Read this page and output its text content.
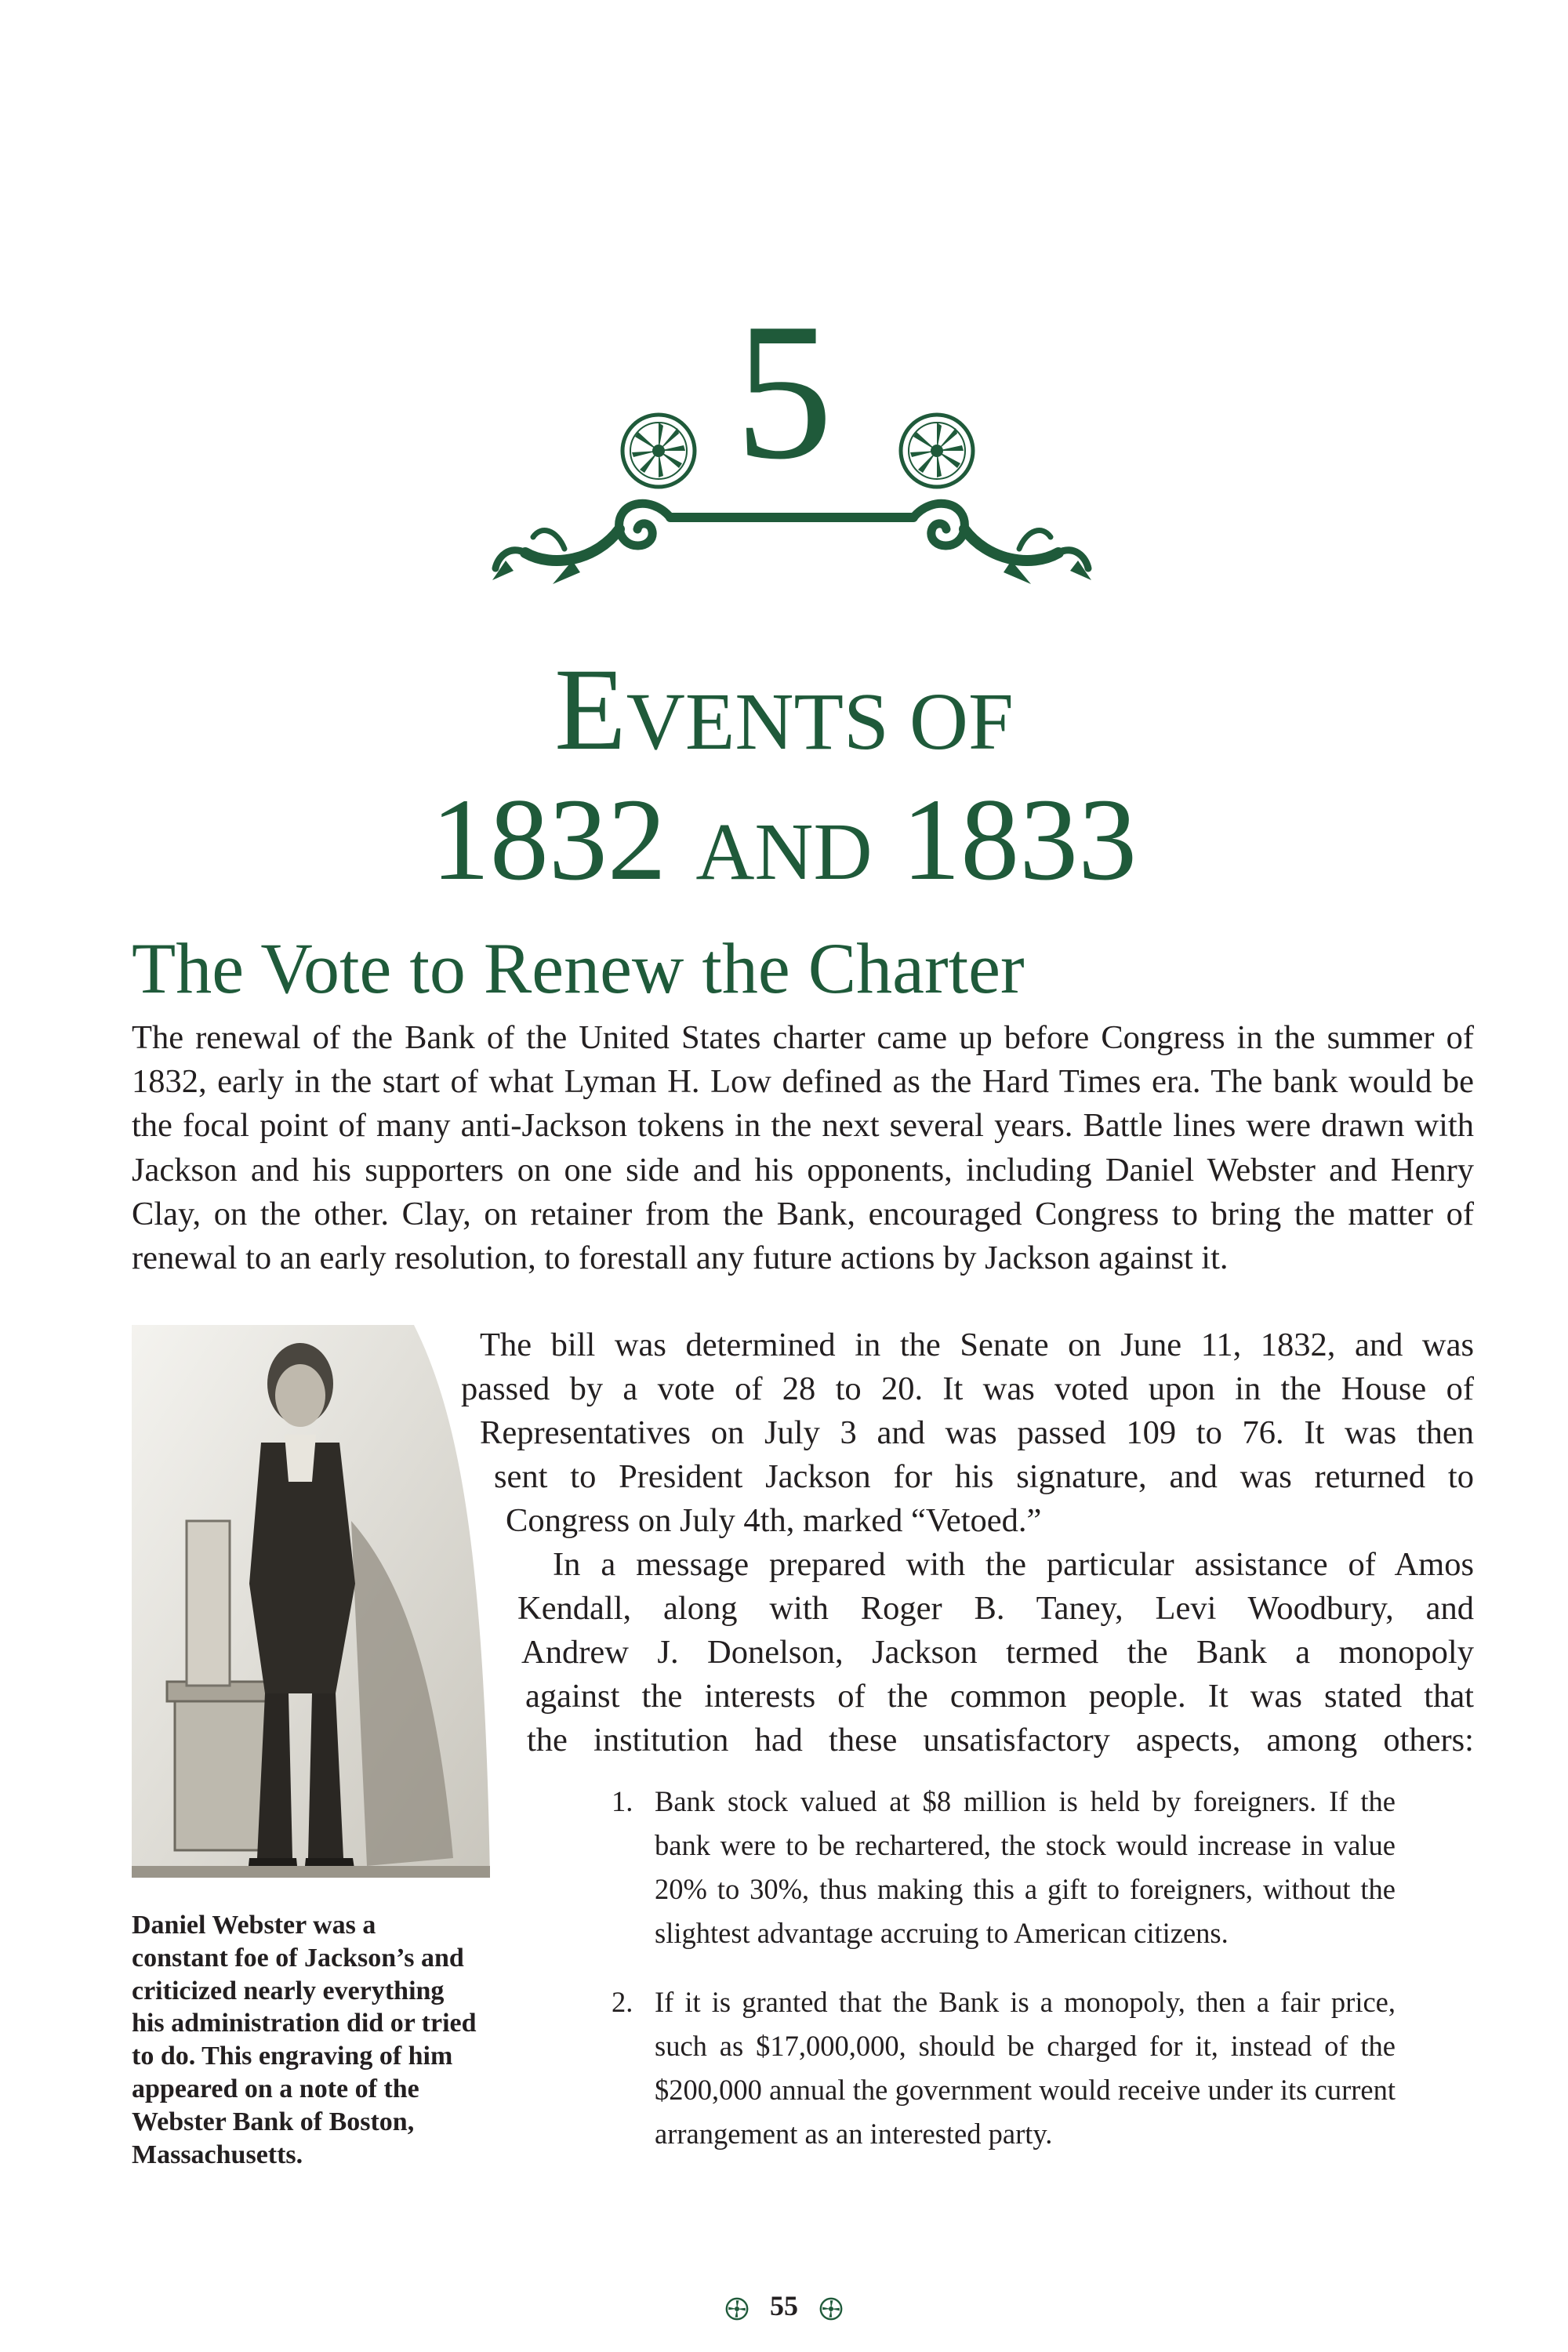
5
EVENTS OF
1832 AND 1833
The Vote to Renew the Charter
The renewal of the Bank of the United States charter came up before Congress in the summer of 1832, early in the start of what Lyman H. Low defined as the Hard Times era. The bank would be the focal point of many anti-Jackson tokens in the next several years. Battle lines were drawn with Jackson and his supporters on one side and his opponents, including Daniel Webster and Henry Clay, on the other. Clay, on retainer from the Bank, encouraged Congress to bring the matter of renewal to an early resolution, to forestall any future actions by Jackson against it.
Daniel Webster was a constant foe of Jackson’s and criticized nearly everything his administration did or tried to do. This engraving of him appeared on a note of the Webster Bank of Boston, Massachusetts.
The bill was determined in the Senate on June 11, 1832, and was
passed by a vote of 28 to 20. It was voted upon in the House of
Representatives on July 3 and was passed 109 to 76. It was then
sent to President Jackson for his signature, and was returned to
Congress on July 4th, marked “Vetoed.”
In a message prepared with the particular assistance of Amos
Kendall, along with Roger B. Taney, Levi Woodbury, and
Andrew J. Donelson, Jackson termed the Bank a monopoly
against the interests of the common people. It was stated that
the institution had these unsatisfactory aspects, among others:
1. Bank stock valued at $8 million is held by foreigners. If the bank were to be rechartered, the stock would increase in value 20% to 30%, thus making this a gift to foreigners, without the slightest advantage accruing to American citizens.
2. If it is granted that the Bank is a monopoly, then a fair price, such as $17,000,000, should be charged for it, instead of the $200,000 annual the government would receive under its current arrangement as an interested party.
55
